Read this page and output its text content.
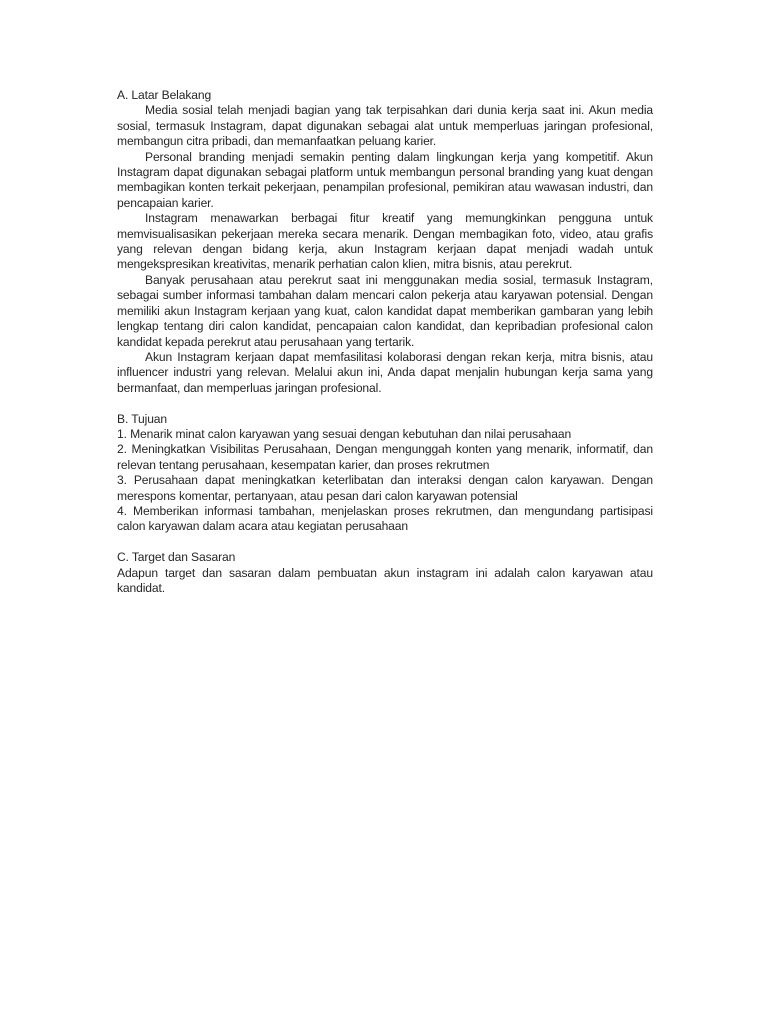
A. Latar Belakang

Media sosial telah menjadi bagian yang tak terpisahkan dari dunia kerja saat ini. Akun media sosial, termasuk Instagram, dapat digunakan sebagai alat untuk memperluas jaringan profesional, membangun citra pribadi, dan memanfaatkan peluang karier.

Personal branding menjadi semakin penting dalam lingkungan kerja yang kompetitif. Akun Instagram dapat digunakan sebagai platform untuk membangun personal branding yang kuat dengan membagikan konten terkait pekerjaan, penampilan profesional, pemikiran atau wawasan industri, dan pencapaian karier.

Instagram menawarkan berbagai fitur kreatif yang memungkinkan pengguna untuk memvisualisasikan pekerjaan mereka secara menarik. Dengan membagikan foto, video, atau grafis yang relevan dengan bidang kerja, akun Instagram kerjaan dapat menjadi wadah untuk mengekspresikan kreativitas, menarik perhatian calon klien, mitra bisnis, atau perekrut.

Banyak perusahaan atau perekrut saat ini menggunakan media sosial, termasuk Instagram, sebagai sumber informasi tambahan dalam mencari calon pekerja atau karyawan potensial. Dengan memiliki akun Instagram kerjaan yang kuat, calon kandidat dapat memberikan gambaran yang lebih lengkap tentang diri calon kandidat, pencapaian calon kandidat, dan kepribadian profesional calon kandidat kepada perekrut atau perusahaan yang tertarik.

Akun Instagram kerjaan dapat memfasilitasi kolaborasi dengan rekan kerja, mitra bisnis, atau influencer industri yang relevan. Melalui akun ini, Anda dapat menjalin hubungan kerja sama yang bermanfaat, dan memperluas jaringan profesional.

B. Tujuan

1. Menarik minat calon karyawan yang sesuai dengan kebutuhan dan nilai perusahaan

2. Meningkatkan Visibilitas Perusahaan, Dengan mengunggah konten yang menarik, informatif, dan relevan tentang perusahaan, kesempatan karier, dan proses rekrutmen

3. Perusahaan dapat meningkatkan keterlibatan dan interaksi dengan calon karyawan. Dengan merespons komentar, pertanyaan, atau pesan dari calon karyawan potensial

4. Memberikan informasi tambahan, menjelaskan proses rekrutmen, dan mengundang partisipasi calon karyawan dalam acara atau kegiatan perusahaan

C. Target dan Sasaran

Adapun target dan sasaran dalam pembuatan akun instagram ini adalah calon karyawan atau kandidat.
